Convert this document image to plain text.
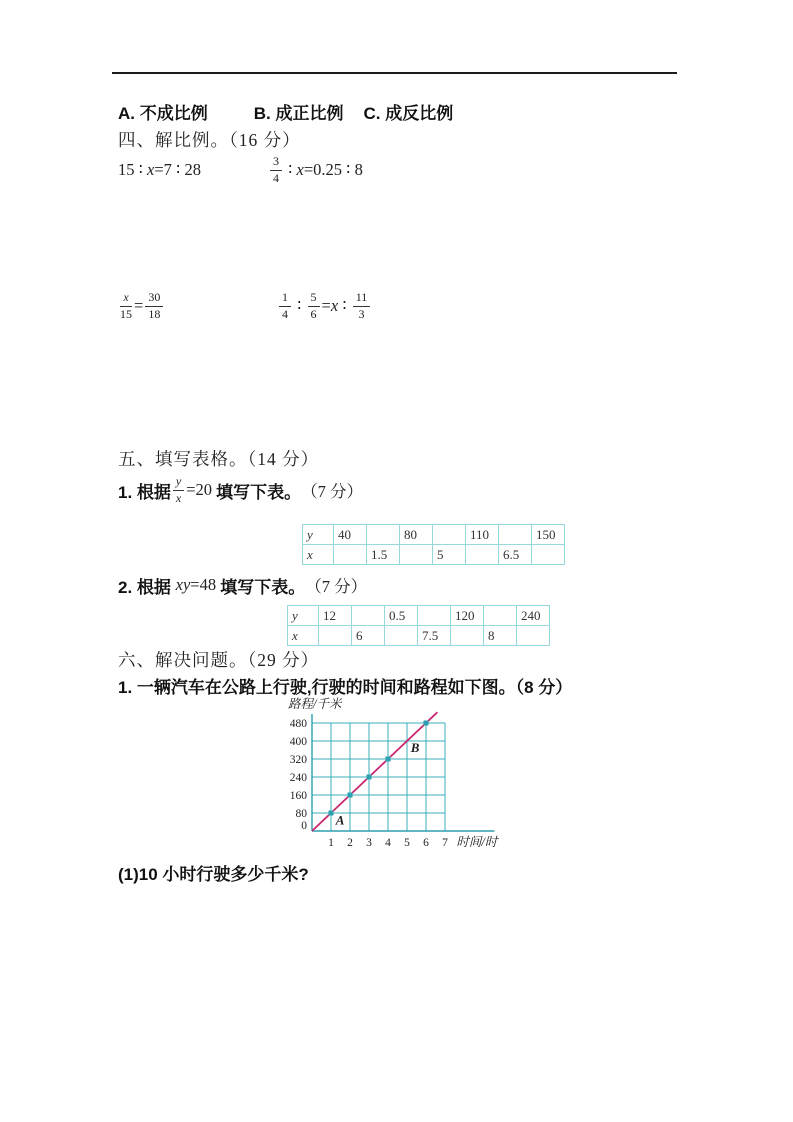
A. 不成比例	B. 成正比例 C. 成反比例
四、解比例。（16 分）
15 ∶ x =7 ∶ 28	$\frac{3}{4}$ ∶ x =0.25 ∶ 8
$\frac{x}{15} = \frac{30}{18}$	$\frac{1}{4}$ ∶ $\frac{5}{6} = x$ ∶ $\frac{11}{3}$
五、填写表格。（14 分）
1. 根据 $\frac{y}{x} =20$ 填写下表。 （7 分）
y	40		80		110		150
x		1.5		5		6.5	
2. 根据 xy =48 填写下表。 （7 分）
y	12		0.5		120		240
x		6		7.5		8	
六、解决问题。（29 分）
1. 一辆汽车在公路上行驶,行驶的时间和路程如下图。（8 分）
0
80
160
240
320
400
480
1 2 3 4 5 6 7
路程/千米
时间/时
A
B
(1)10 小时行驶多少千米?
